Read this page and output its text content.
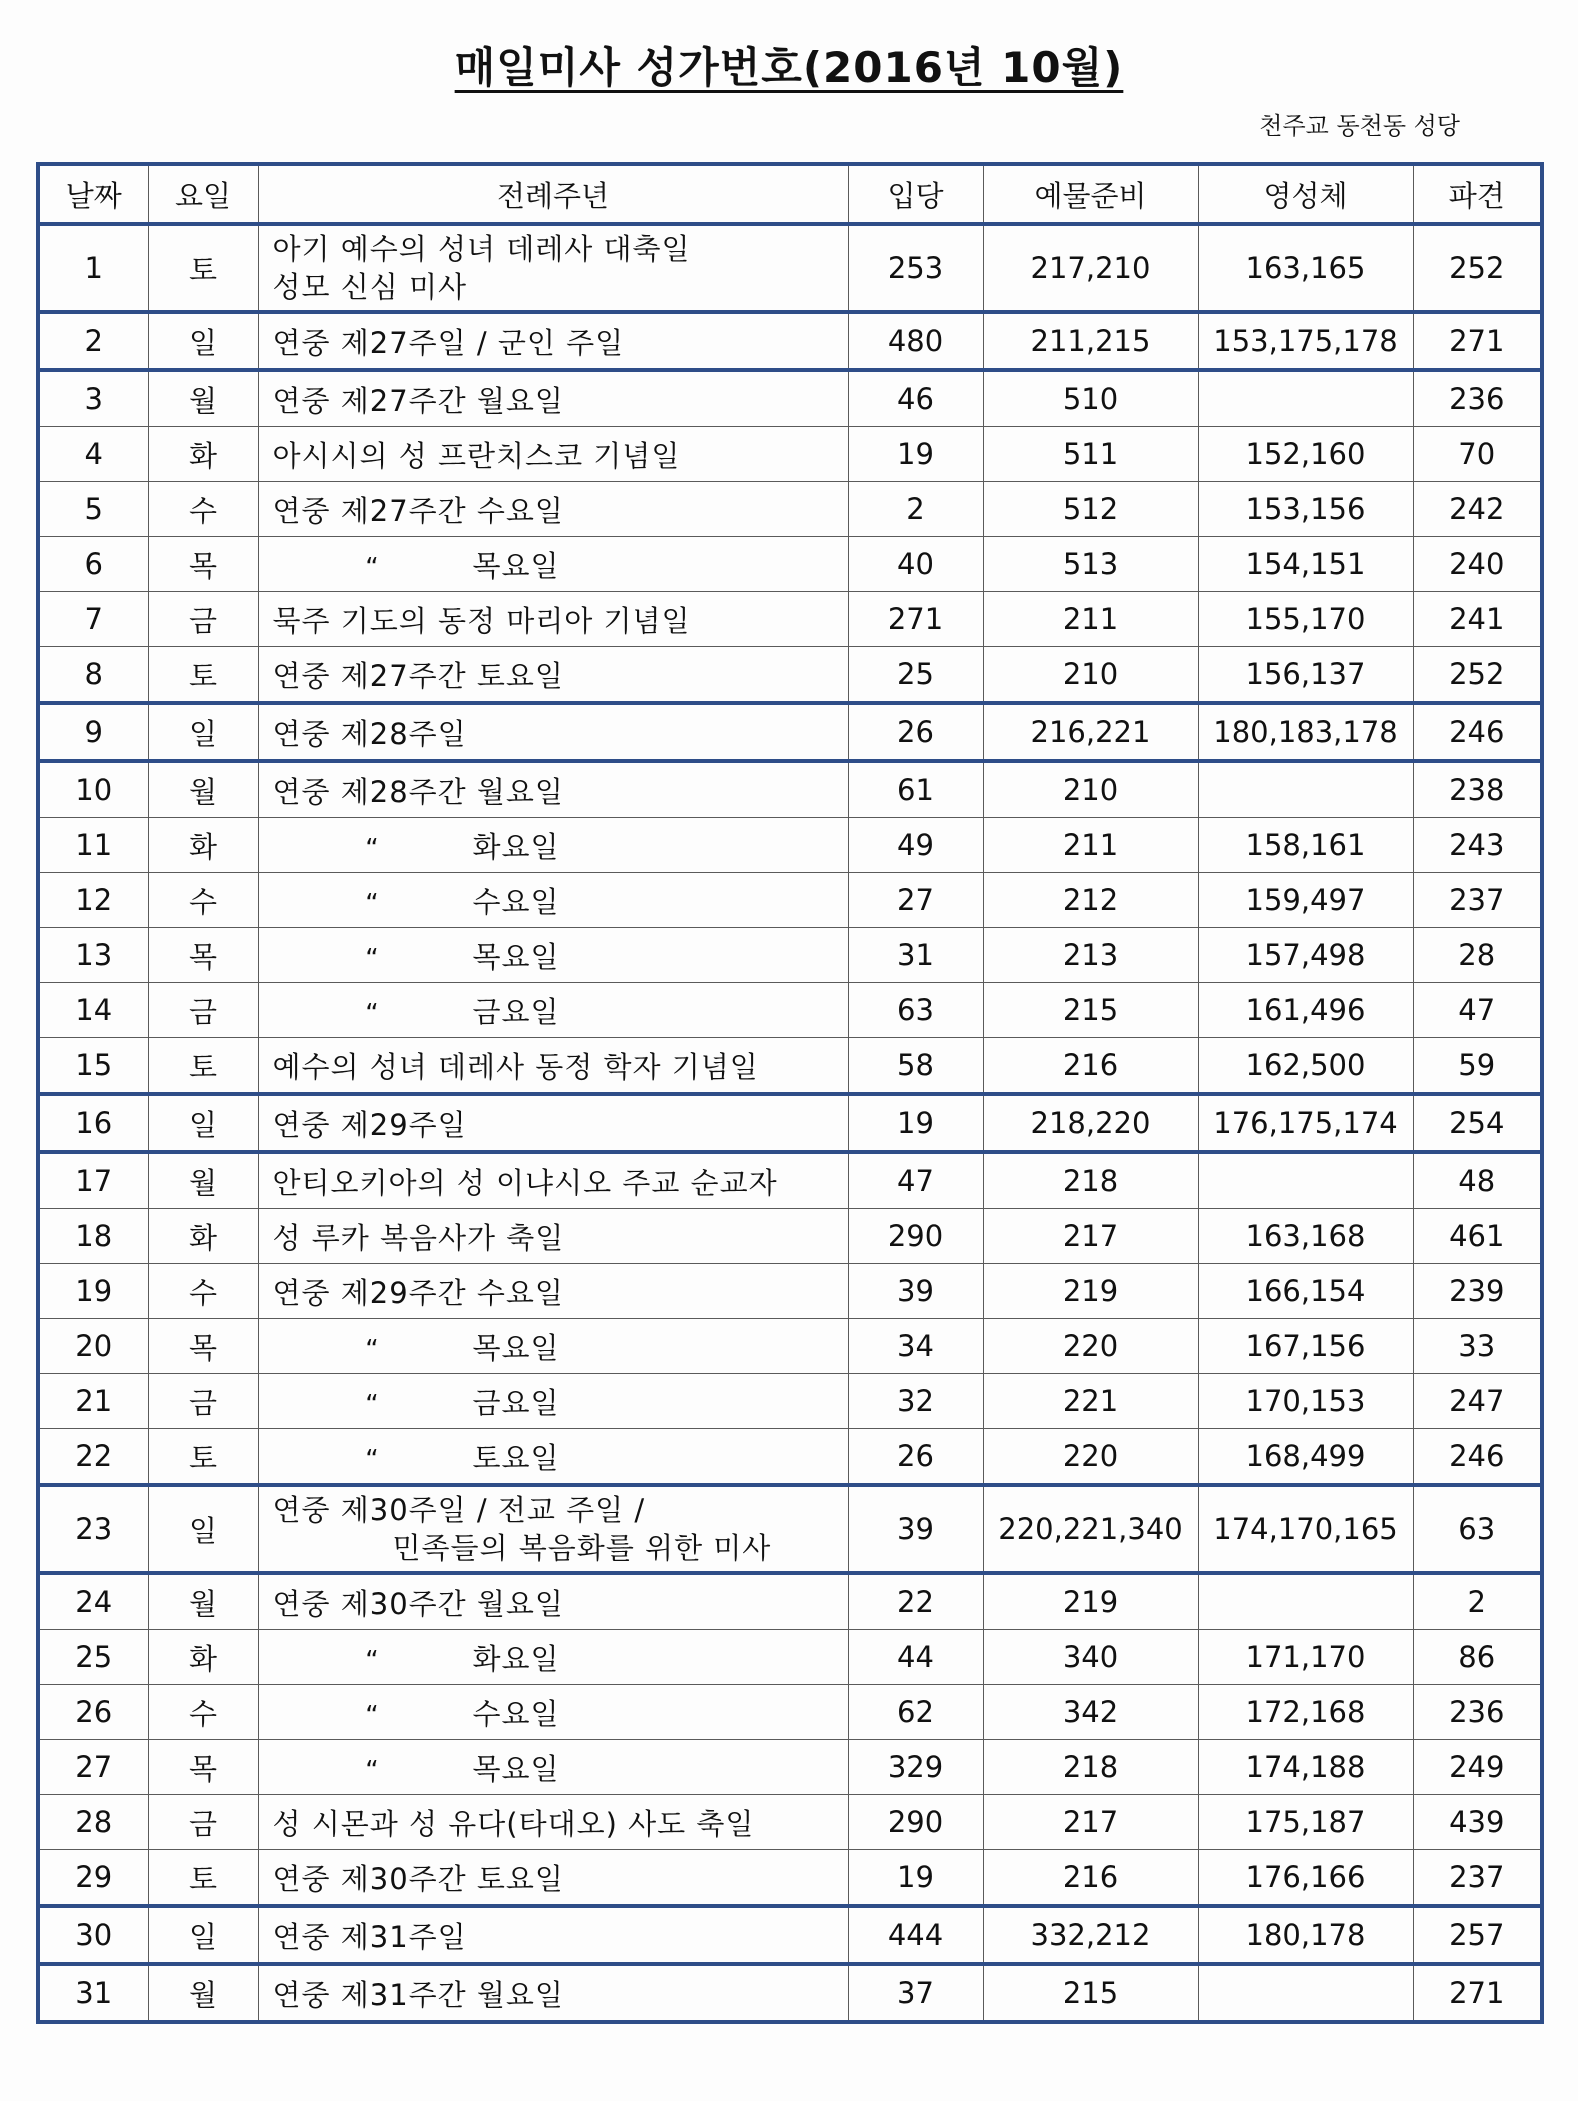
매일미사 성가번호(2016년 10월)
천주교 동천동 성당
날짜	요일	전례주년	입당	예물준비	영성체	파견
1	토	아기 예수의 성녀 데레사 대축일
성모 신심 미사	253	217,210	163,165	252
2	일	연중 제27주일 / 군인 주일	480	211,215	153,175,178	271
3	월	연중 제27주간 월요일	46	510		236
4	화	아시시의 성 프란치스코 기념일	19	511	152,160	70
5	수	연중 제27주간 수요일	2	512	153,156	242
6	목	“ 목요일	40	513	154,151	240
7	금	묵주 기도의 동정 마리아 기념일	271	211	155,170	241
8	토	연중 제27주간 토요일	25	210	156,137	252
9	일	연중 제28주일	26	216,221	180,183,178	246
10	월	연중 제28주간 월요일	61	210		238
11	화	“ 화요일	49	211	158,161	243
12	수	“ 수요일	27	212	159,497	237
13	목	“ 목요일	31	213	157,498	28
14	금	“ 금요일	63	215	161,496	47
15	토	예수의 성녀 데레사 동정 학자 기념일	58	216	162,500	59
16	일	연중 제29주일	19	218,220	176,175,174	254
17	월	안티오키아의 성 이냐시오 주교 순교자	47	218		48
18	화	성 루카 복음사가 축일	290	217	163,168	461
19	수	연중 제29주간 수요일	39	219	166,154	239
20	목	“ 목요일	34	220	167,156	33
21	금	“ 금요일	32	221	170,153	247
22	토	“ 토요일	26	220	168,499	246
23	일	연중 제30주일 / 전교 주일 /
민족들의 복음화를 위한 미사	39	220,221,340	174,170,165	63
24	월	연중 제30주간 월요일	22	219		2
25	화	“ 화요일	44	340	171,170	86
26	수	“ 수요일	62	342	172,168	236
27	목	“ 목요일	329	218	174,188	249
28	금	성 시몬과 성 유다(타대오) 사도 축일	290	217	175,187	439
29	토	연중 제30주간 토요일	19	216	176,166	237
30	일	연중 제31주일	444	332,212	180,178	257
31	월	연중 제31주간 월요일	37	215		271
